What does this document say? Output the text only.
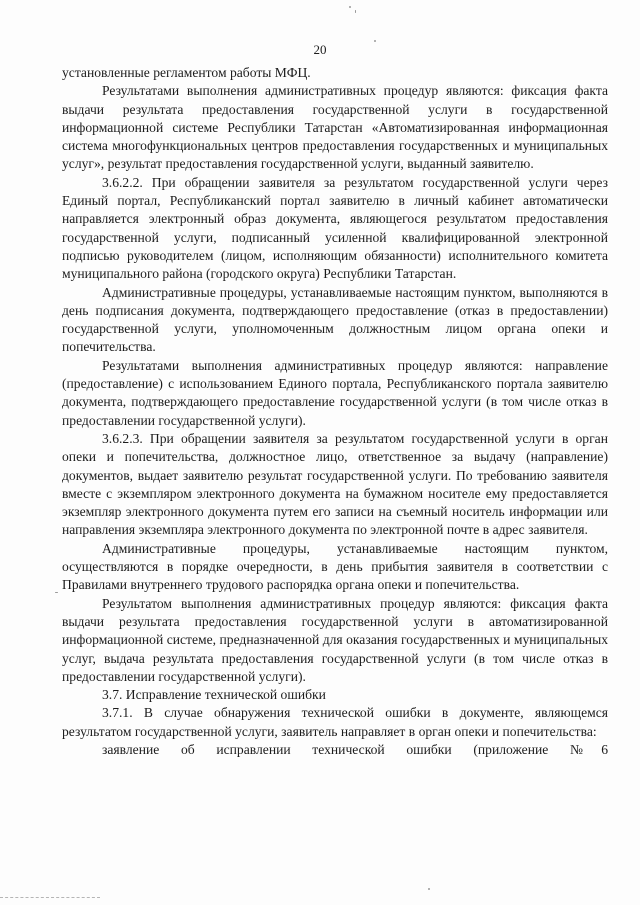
20

установленные регламентом работы МФЦ.

Результатами выполнения административных процедур являются: фиксация факта выдачи результата предоставления государственной услуги в государственной информационной системе Республики Татарстан «Автоматизированная информационная система многофункциональных центров предоставления государственных и муниципальных услуг», результат предоставления государственной услуги, выданный заявителю.

3.6.2.2. При обращении заявителя за результатом государственной услуги через Единый портал, Республиканский портал заявителю в личный кабинет автоматически направляется электронный образ документа, являющегося результатом предоставления государственной услуги, подписанный усиленной квалифицированной электронной подписью руководителем (лицом, исполняющим обязанности) исполнительного комитета муниципального района (городского округа) Республики Татарстан.

Административные процедуры, устанавливаемые настоящим пунктом, выполняются в день подписания документа, подтверждающего предоставление (отказ в предоставлении) государственной услуги, уполномоченным должностным лицом органа опеки и попечительства.

Результатами выполнения административных процедур являются: направление (предоставление) с использованием Единого портала, Республиканского портала заявителю документа, подтверждающего предоставление государственной услуги (в том числе отказ в предоставлении государственной услуги).

3.6.2.3. При обращении заявителя за результатом государственной услуги в орган опеки и попечительства, должностное лицо, ответственное за выдачу (направление) документов, выдает заявителю результат государственной услуги. По требованию заявителя вместе с экземпляром электронного документа на бумажном носителе ему предоставляется экземпляр электронного документа путем его записи на съемный носитель информации или направления экземпляра электронного документа по электронной почте в адрес заявителя.

Административные процедуры, устанавливаемые настоящим пунктом, осуществляются в порядке очередности, в день прибытия заявителя в соответствии с Правилами внутреннего трудового распорядка органа опеки и попечительства.

Результатом выполнения административных процедур являются: фиксация факта выдачи результата предоставления государственной услуги в автоматизированной информационной системе, предназначенной для оказания государственных и муниципальных услуг, выдача результата предоставления государственной услуги (в том числе отказ в предоставлении государственной услуги).

3.7. Исправление технической ошибки

3.7.1. В случае обнаружения технической ошибки в документе, являющемся результатом государственной услуги, заявитель направляет в орган опеки и попечительства:

заявление об исправлении технической ошибки (приложение №6
